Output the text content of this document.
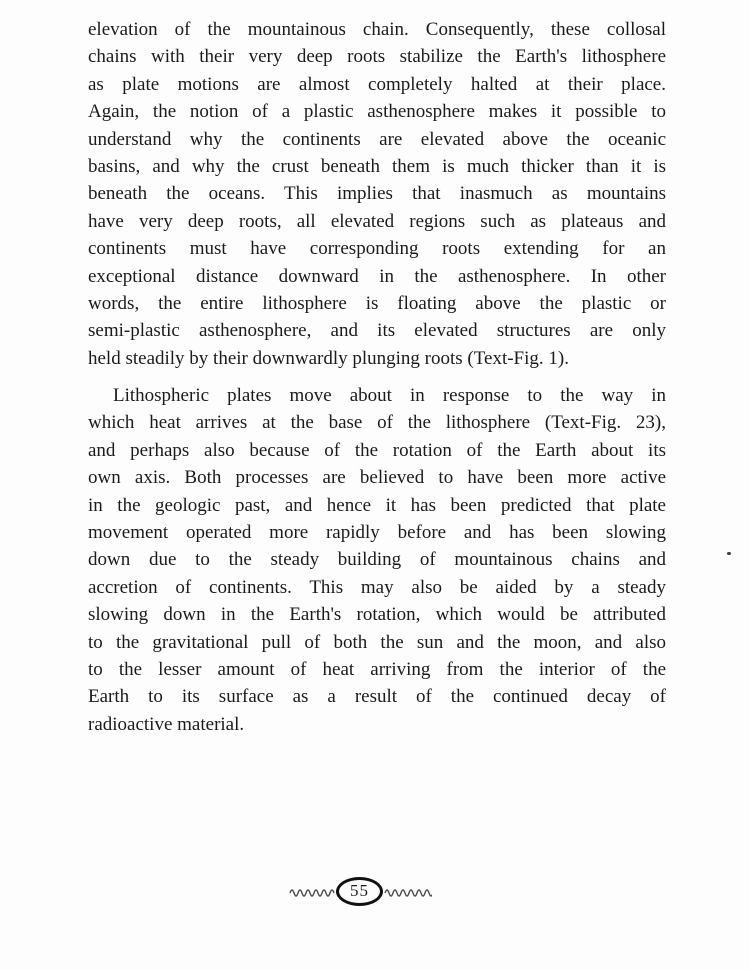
elevation of the mountainous chain. Consequently, these collosal
chains with their very deep roots stabilize the Earth's lithosphere
as plate motions are almost completely halted at their place.
Again, the notion of a plastic asthenosphere makes it possible to
understand why the continents are elevated above the oceanic
basins, and why the crust beneath them is much thicker than it is
beneath the oceans. This implies that inasmuch as mountains
have very deep roots, all elevated regions such as plateaus and
continents must have corresponding roots extending for an
exceptional distance downward in the asthenosphere. In other
words, the entire lithosphere is floating above the plastic or
semi-plastic asthenosphere, and its elevated structures are only
held steadily by their downwardly plunging roots (Text-Fig. 1).
Lithospheric plates move about in response to the way in
which heat arrives at the base of the lithosphere (Text-Fig. 23),
and perhaps also because of the rotation of the Earth about its
own axis. Both processes are believed to have been more active
in the geologic past, and hence it has been predicted that plate
movement operated more rapidly before and has been slowing
down due to the steady building of mountainous chains and
accretion of continents. This may also be aided by a steady
slowing down in the Earth's rotation, which would be attributed
to the gravitational pull of both the sun and the moon, and also
to the lesser amount of heat arriving from the interior of the
Earth to its surface as a result of the continued decay of
radioactive material.
55
